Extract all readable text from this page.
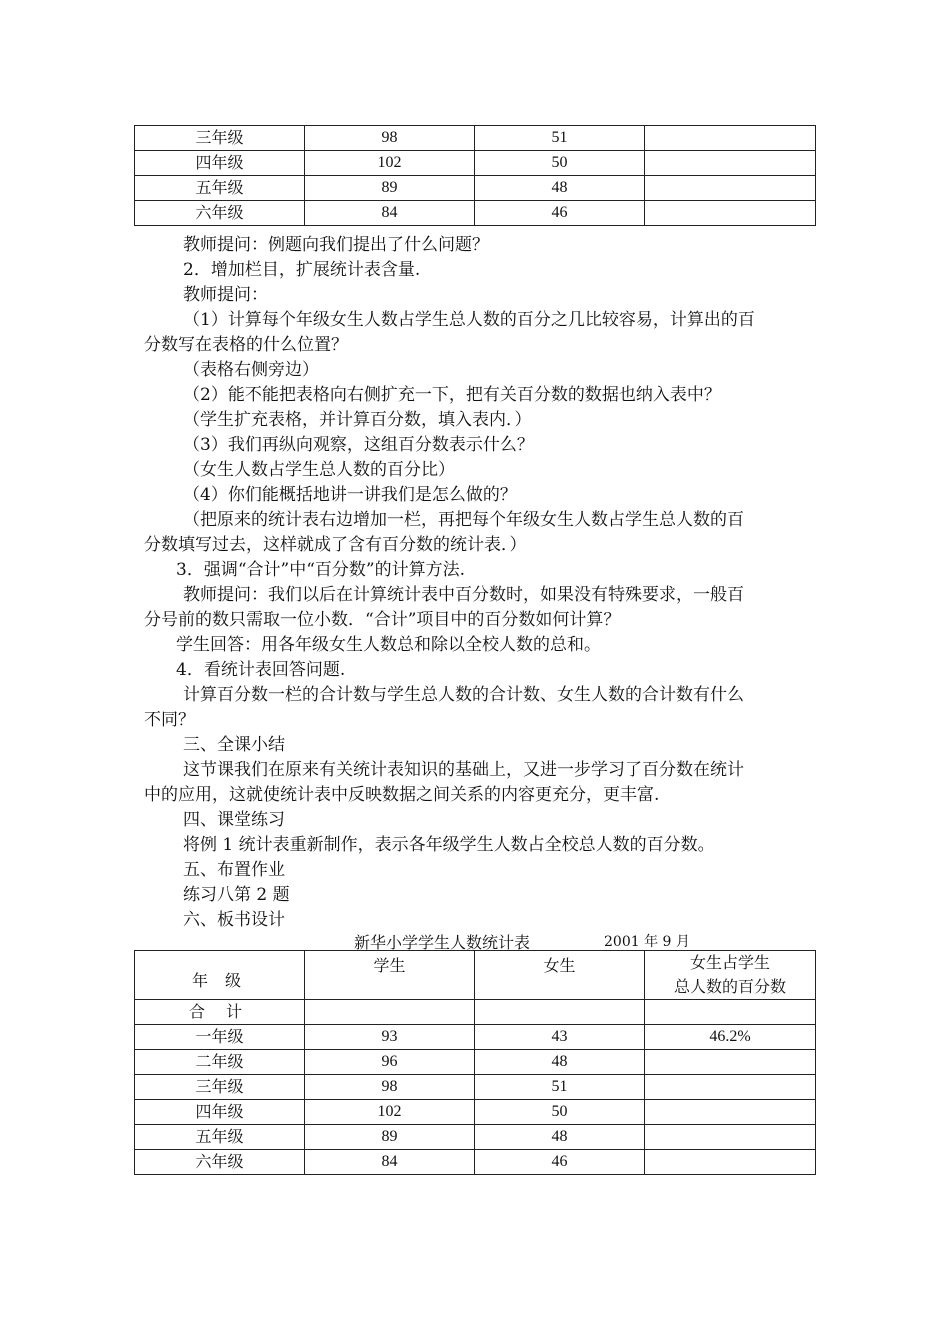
三年级	98	51	
四年级	102	50	
五年级	89	48	
六年级	84	46	
教师提问：例题向我们提出了什么问题？
2．增加栏目，扩展统计表含量.
教师提问：
（1）计算每个年级女生人数占学生总人数的百分之几比较容易，计算出的百
分数写在表格的什么位置？
（表格右侧旁边）
（2）能不能把表格向右侧扩充一下，把有关百分数的数据也纳入表中？
（学生扩充表格，并计算百分数，填入表内．）
（3）我们再纵向观察，这组百分数表示什么？
（女生人数占学生总人数的百分比）
（4）你们能概括地讲一讲我们是怎么做的？
（把原来的统计表右边增加一栏，再把每个年级女生人数占学生总人数的百
分数填写过去，这样就成了含有百分数的统计表．）
3．强调“合计”中“百分数”的计算方法.
教师提问：我们以后在计算统计表中百分数时，如果没有特殊要求，一般百
分号前的数只需取一位小数．“合计”项目中的百分数如何计算？
学生回答：用各年级女生人数总和除以全校人数的总和。
4．看统计表回答问题.
计算百分数一栏的合计数与学生总人数的合计数、女生人数的合计数有什么
不同？
三、全课小结
这节课我们在原来有关统计表知识的基础上，又进一步学习了百分数在统计
中的应用，这就使统计表中反映数据之间关系的内容更充分，更丰富.
四、课堂练习
将例 1 统计表重新制作，表示各年级学生人数占全校总人数的百分数。
五、布置作业
练习八第 2 题
六、板书设计
新华小学学生人数统计表	2001 年 9 月
年 级	学生	女生	女生占学生
总人数的百分数

合 计			
一年级	93	43	46.2%
二年级	96	48	
三年级	98	51	
四年级	102	50	
五年级	89	48	
六年级	84	46	
